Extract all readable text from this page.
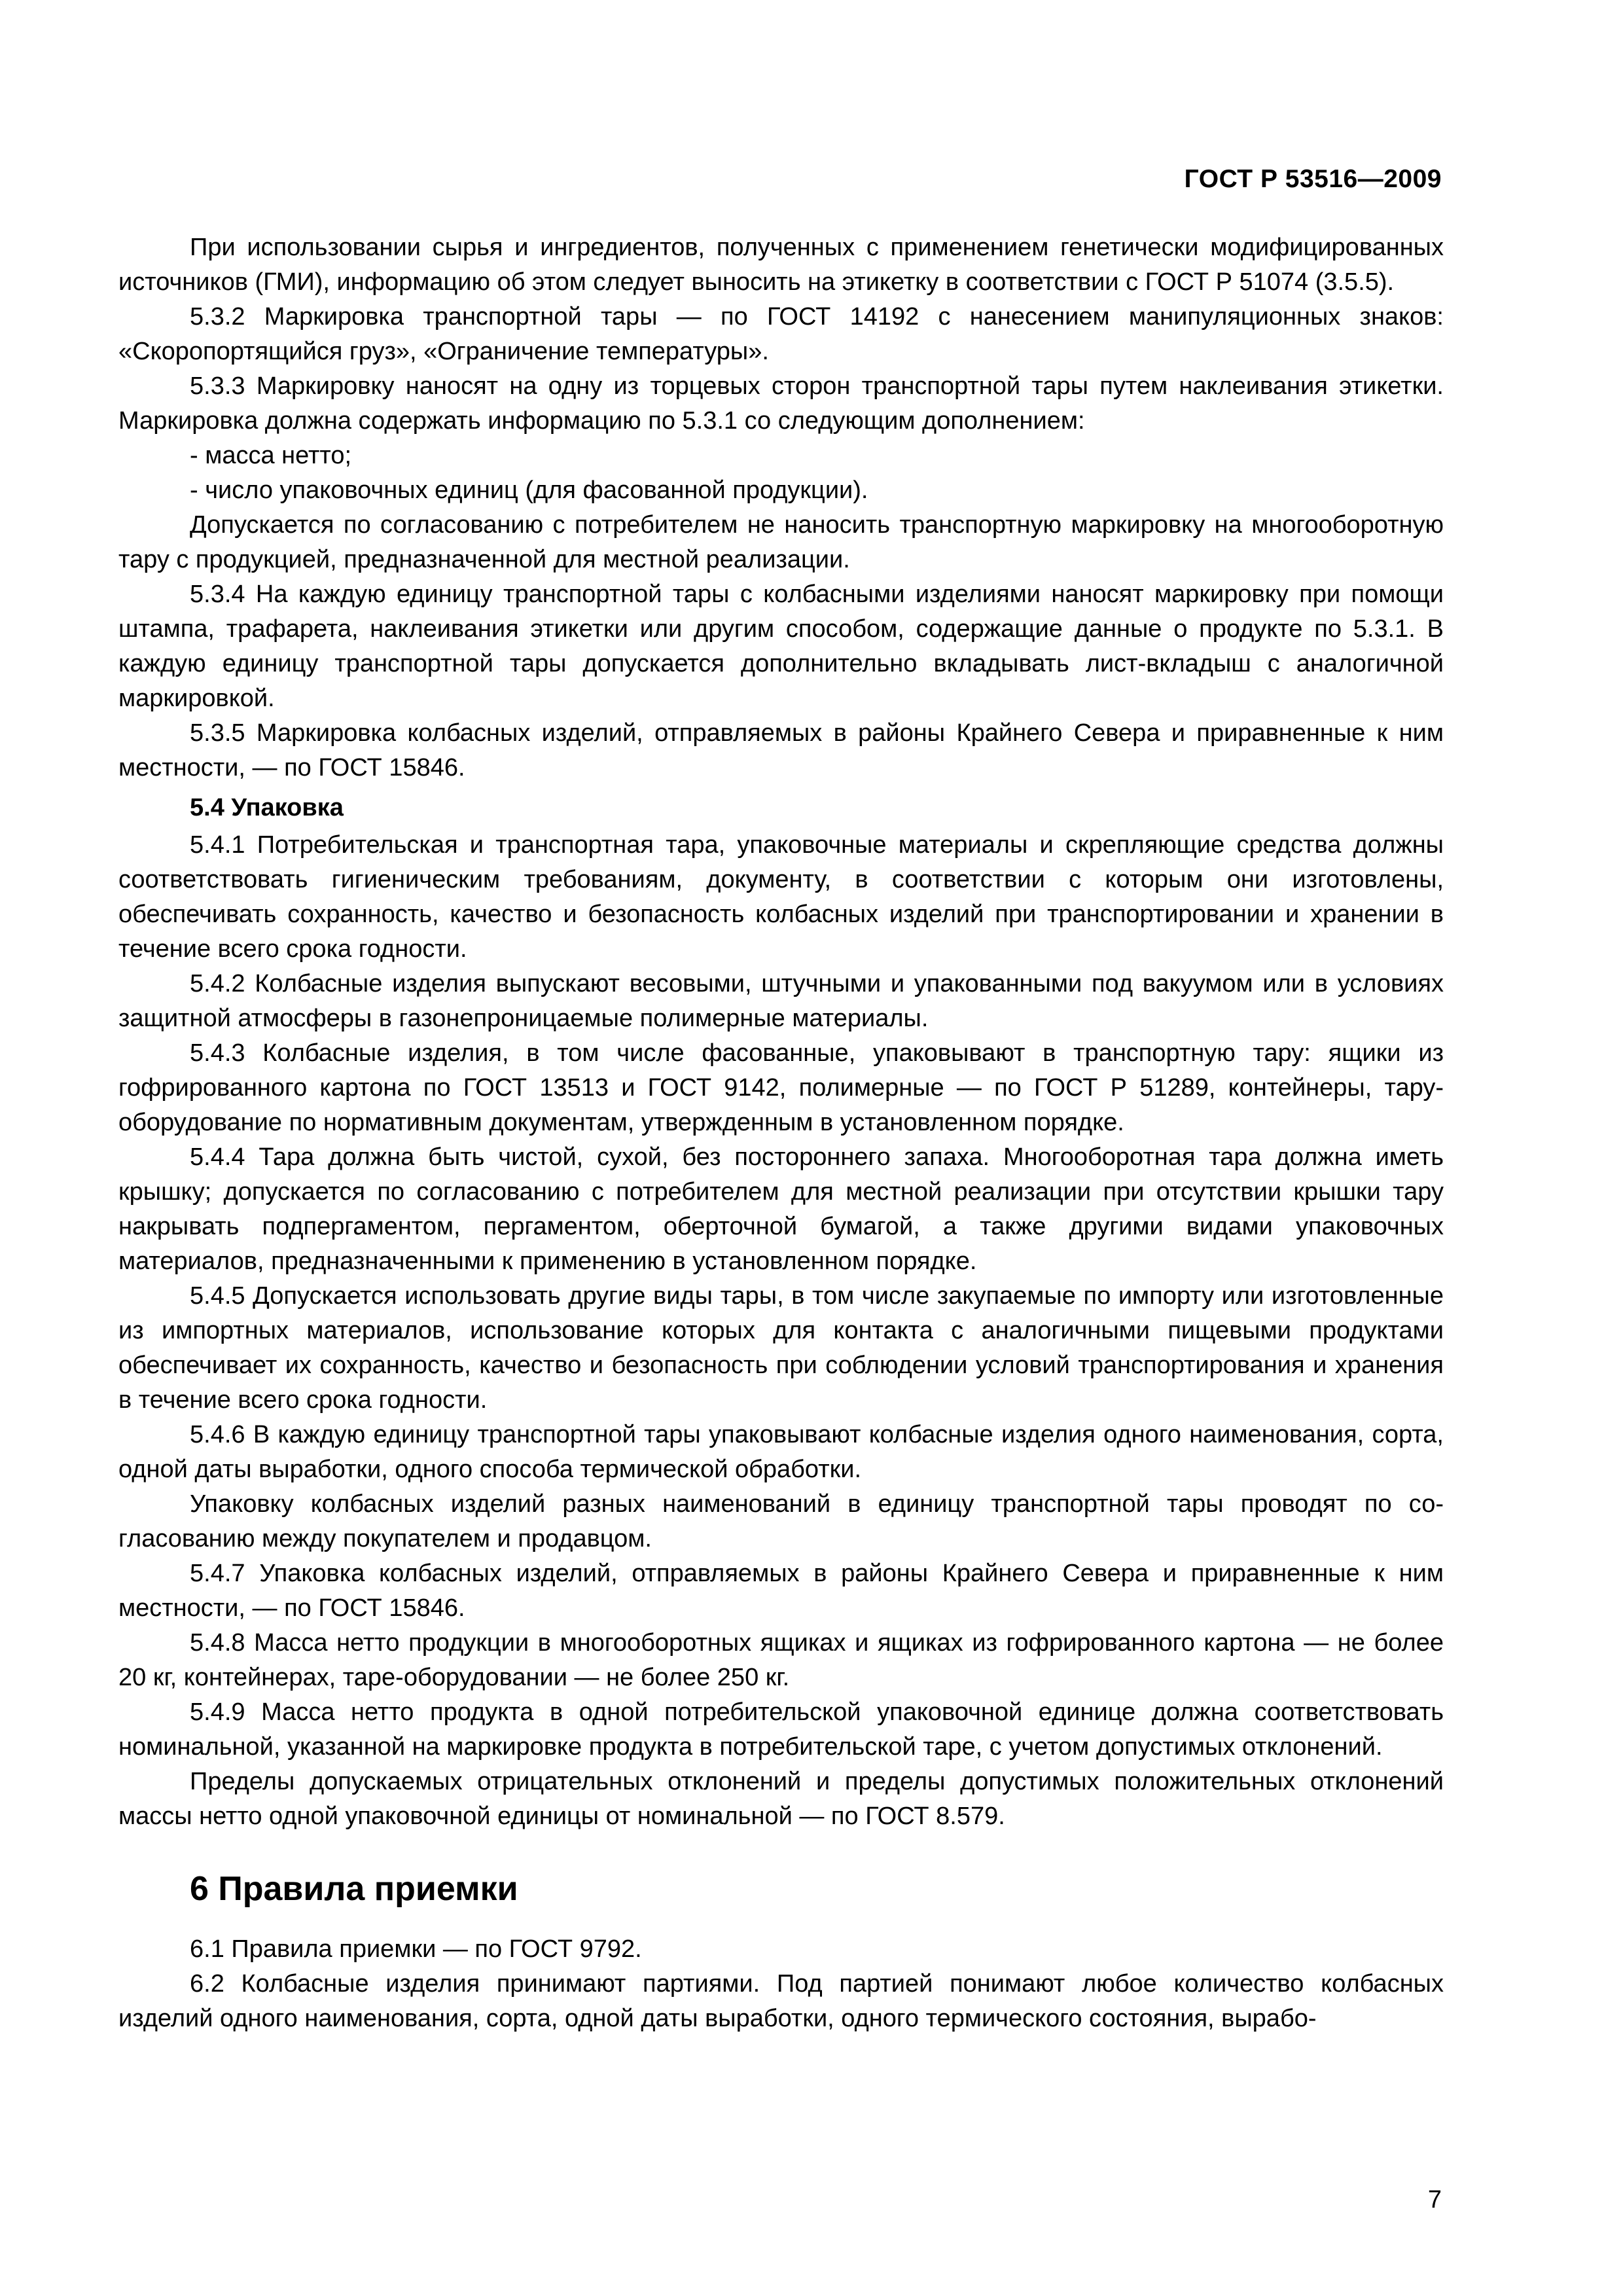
ГОСТ Р 53516—2009

При использовании сырья и ингредиентов, полученных с применением генетически модифицированных источников (ГМИ), информацию об этом следует выносить на этикетку в соответствии с ГОСТ Р 51074 (3.5.5).

5.3.2 Маркировка транспортной тары — по ГОСТ 14192 с нанесением манипуляционных знаков: «Скоропортящийся груз», «Ограничение температуры».

5.3.3 Маркировку наносят на одну из торцевых сторон транспортной тары путем наклеивания этикетки. Маркировка должна содержать информацию по 5.3.1 со следующим дополнением:

- масса нетто;

- число упаковочных единиц (для фасованной продукции).

Допускается по согласованию с потребителем не наносить транспортную маркировку на многооборотную тару с продукцией, предназначенной для местной реализации.

5.3.4 На каждую единицу транспортной тары с колбасными изделиями наносят маркировку при помощи штампа, трафарета, наклеивания этикетки или другим способом, содержащие данные о продукте по 5.3.1. В каждую единицу транспортной тары допускается дополнительно вкладывать лист-вкладыш с аналогичной маркировкой.

5.3.5 Маркировка колбасных изделий, отправляемых в районы Крайнего Севера и приравненные к ним местности, — по ГОСТ 15846.

5.4 Упаковка

5.4.1 Потребительская и транспортная тара, упаковочные материалы и скрепляющие средства должны соответствовать гигиеническим требованиям, документу, в соответствии с которым они изготовлены, обеспечивать сохранность, качество и безопасность колбасных изделий при транспортировании и хранении в течение всего срока годности.

5.4.2 Колбасные изделия выпускают весовыми, штучными и упакованными под вакуумом или в условиях защитной атмосферы в газонепроницаемые полимерные материалы.

5.4.3 Колбасные изделия, в том числе фасованные, упаковывают в транспортную тару: ящики из гофрированного картона по ГОСТ 13513 и ГОСТ 9142, полимерные — по ГОСТ Р 51289, контейнеры, тару-оборудование по нормативным документам, утвержденным в установленном порядке.

5.4.4 Тара должна быть чистой, сухой, без постороннего запаха. Многооборотная тара должна иметь крышку; допускается по согласованию с потребителем для местной реализации при отсутствии крышки тару накрывать подпергаментом, пергаментом, оберточной бумагой, а также другими видами упаковочных материалов, предназначенными к применению в установленном порядке.

5.4.5 Допускается использовать другие виды тары, в том числе закупаемые по импорту или изготовленные из импортных материалов, использование которых для контакта с аналогичными пищевыми продуктами обеспечивает их сохранность, качество и безопасность при соблюдении условий транспортирования и хранения в течение всего срока годности.

5.4.6 В каждую единицу транспортной тары упаковывают колбасные изделия одного наименования, сорта, одной даты выработки, одного способа термической обработки.

Упаковку колбасных изделий разных наименований в единицу транспортной тары проводят по согласованию между покупателем и продавцом.

5.4.7 Упаковка колбасных изделий, отправляемых в районы Крайнего Севера и приравненные к ним местности, — по ГОСТ 15846.

5.4.8 Масса нетто продукции в многооборотных ящиках и ящиках из гофрированного картона — не более 20 кг, контейнерах, таре-оборудовании — не более 250 кг.

5.4.9 Масса нетто продукта в одной потребительской упаковочной единице должна соответствовать номинальной, указанной на маркировке продукта в потребительской таре, с учетом допустимых отклонений.

Пределы допускаемых отрицательных отклонений и пределы допустимых положительных отклонений массы нетто одной упаковочной единицы от номинальной — по ГОСТ 8.579.

6 Правила приемки

6.1 Правила приемки — по ГОСТ 9792.

6.2 Колбасные изделия принимают партиями. Под партией понимают любое количество колбасных изделий одного наименования, сорта, одной даты выработки, одного термического состояния, вырабо-

7
